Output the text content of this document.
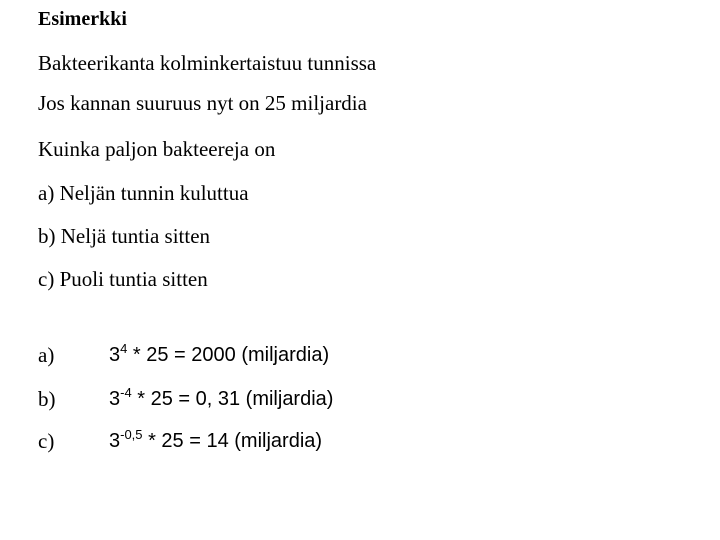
Esimerkki
Bakteerikanta kolminkertaistuu tunnissa
Jos kannan suuruus nyt on 25 miljardia
Kuinka paljon bakteereja on
a) Neljän tunnin kuluttua
b) Neljä tuntia sitten
c) Puoli tuntia sitten
a)	$3^4 * 25 = 2000$ (miljardia)
b)	$3^{-4} * 25 = 0$, 31 (miljardia)
c)	$3^{-0,5} * 25 = 14$ (miljardia)
